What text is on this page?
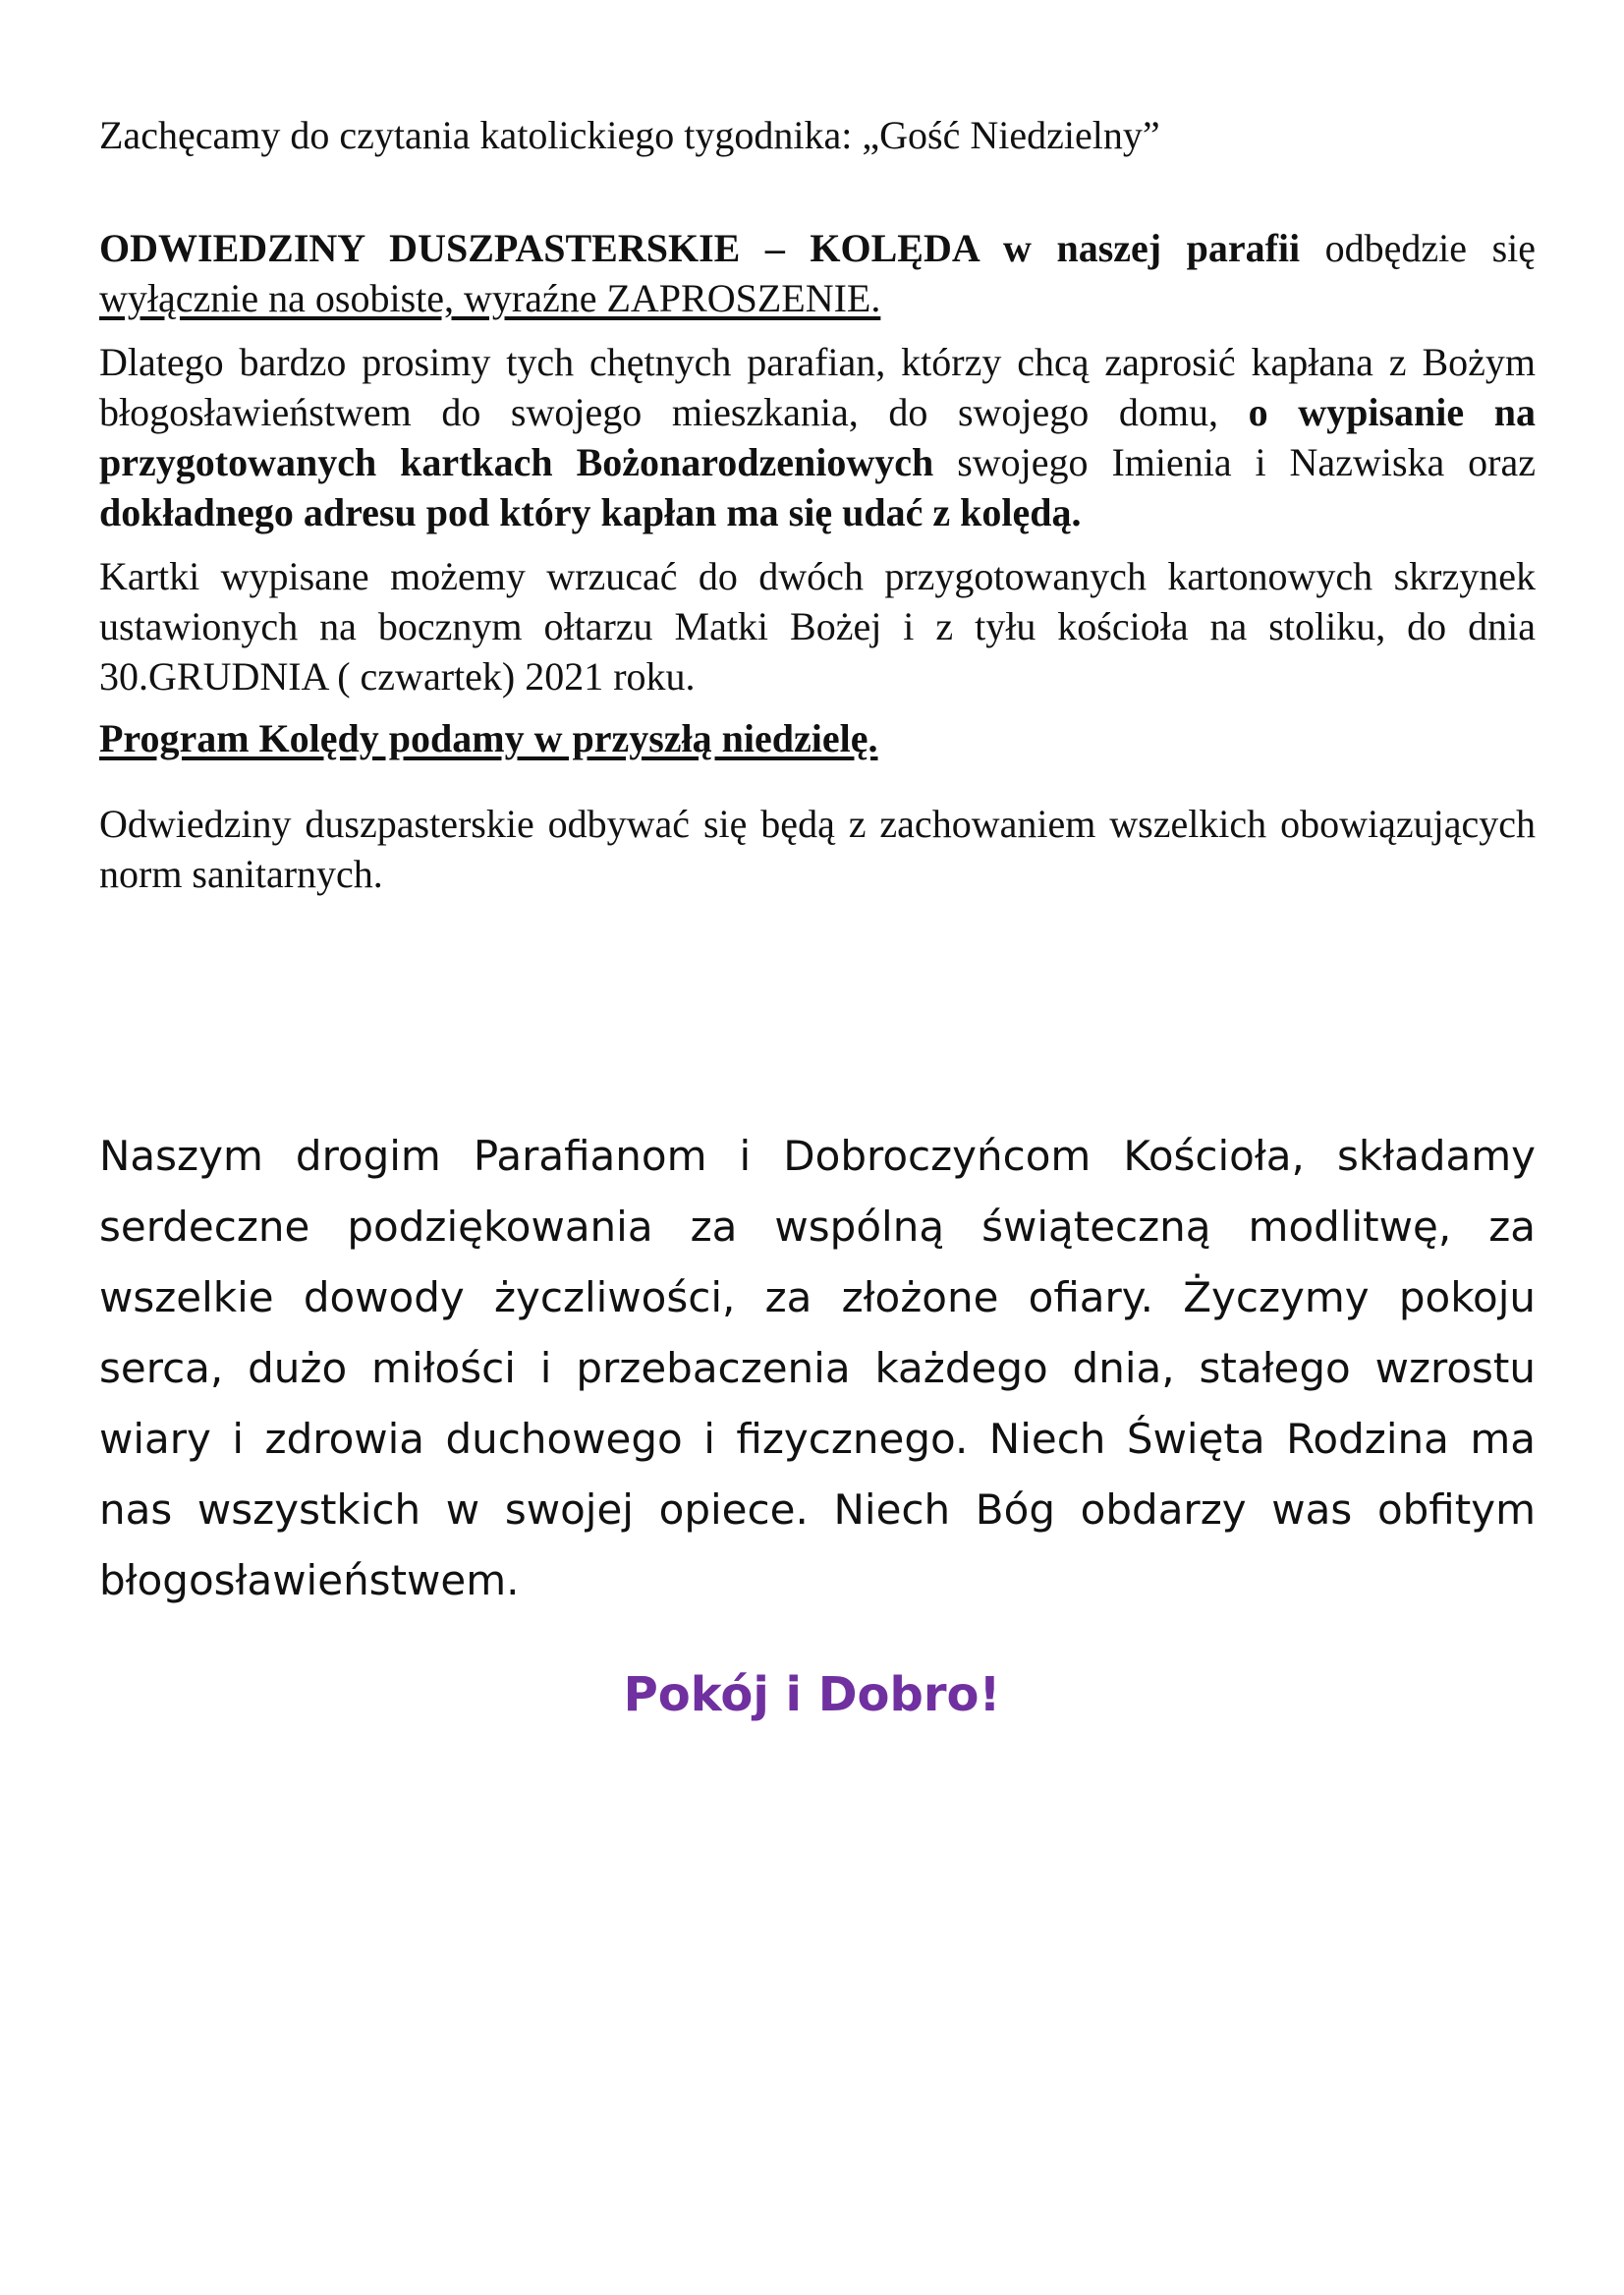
Zachęcamy do czytania katolickiego tygodnika: „Gość Niedzielny”

ODWIEDZINY DUSZPASTERSKIE – KOLĘDA w naszej parafii odbędzie się wyłącznie na osobiste, wyraźne ZAPROSZENIE.

Dlatego bardzo prosimy tych chętnych parafian, którzy chcą zaprosić kapłana z Bożym błogosławieństwem do swojego mieszkania, do swojego domu, o wypisanie na przygotowanych kartkach Bożonarodzeniowych swojego Imienia i Nazwiska oraz dokładnego adresu pod który kapłan ma się udać z kolędą.

Kartki wypisane możemy wrzucać do dwóch przygotowanych kartonowych skrzynek ustawionych na bocznym ołtarzu Matki Bożej i z tyłu kościoła na stoliku, do dnia 30.GRUDNIA ( czwartek) 2021 roku.

Program Kolędy podamy w przyszłą niedzielę.

Odwiedziny duszpasterskie odbywać się będą z zachowaniem wszelkich obowiązujących norm sanitarnych.

Naszym drogim Parafianom i Dobroczyńcom Kościoła, składamy serdeczne podziękowania za wspólną świąteczną modlitwę, za wszelkie dowody życzliwości, za złożone ofiary. Życzymy pokoju serca, dużo miłości i przebaczenia każdego dnia, stałego wzrostu wiary i zdrowia duchowego i fizycznego. Niech Święta Rodzina ma nas wszystkich w swojej opiece. Niech Bóg obdarzy was obfitym błogosławieństwem.

Pokój i Dobro!
